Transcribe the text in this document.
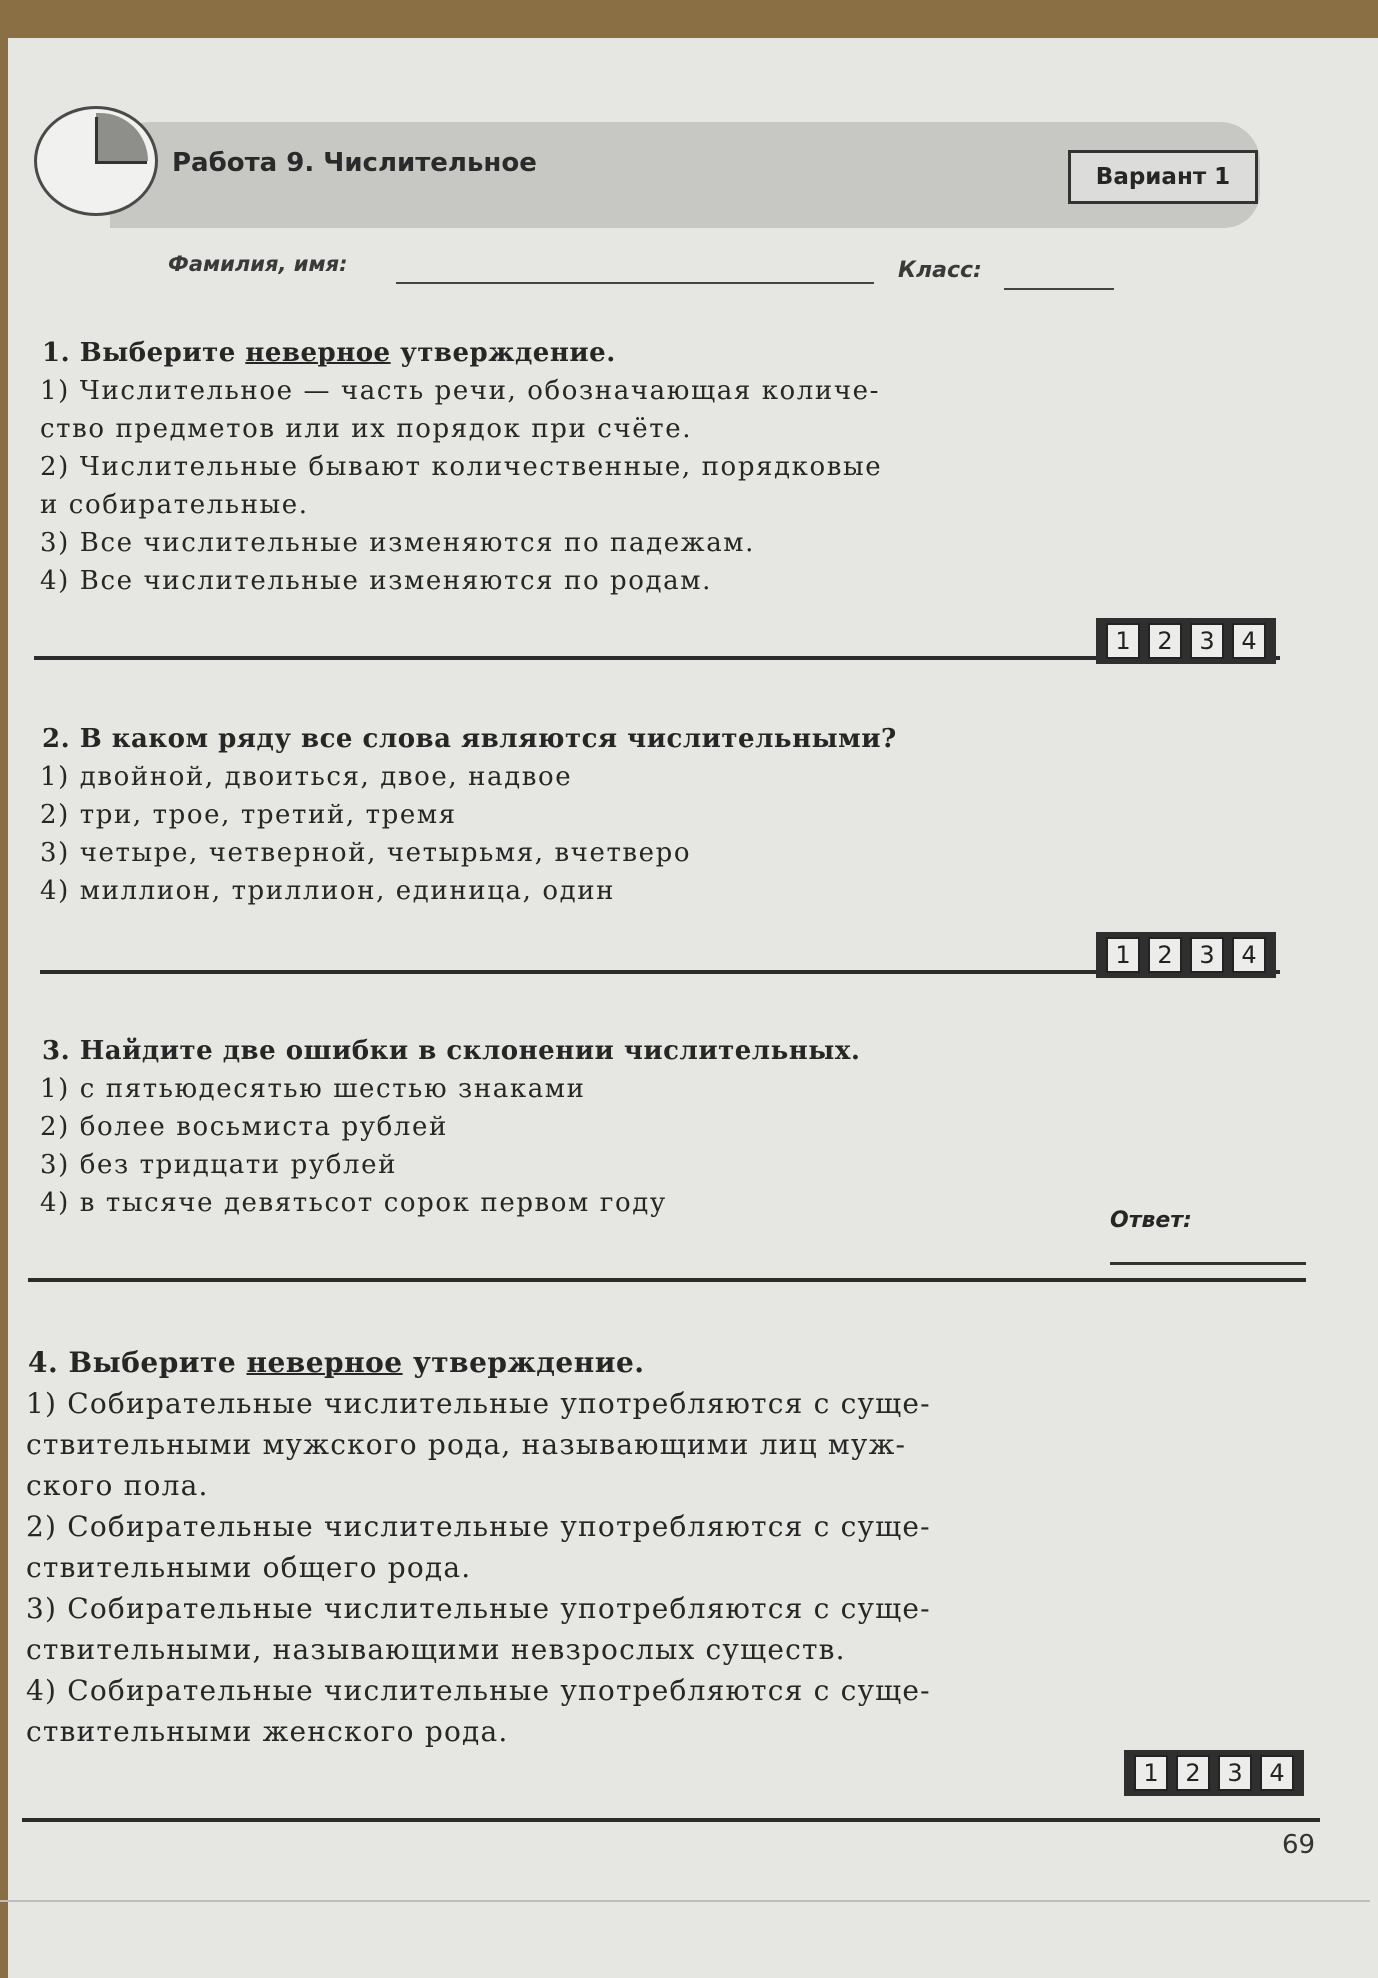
Работа 9. Числительное	Вариант 1
Фамилия, имя:	Класс:
1. Выберите неверное утверждение.
1) Числительное — часть речи, обозначающая количе-
ство предметов или их порядок при счёте.
2) Числительные бывают количественные, порядковые
и собирательные.
3) Все числительные изменяются по падежам.
4) Все числительные изменяются по родам.
1	2	3	4
2. В каком ряду все слова являются числительными?
1) двойной, двоиться, двое, надвое
2) три, трое, третий, тремя
3) четыре, четверной, четырьмя, вчетверо
4) миллион, триллион, единица, один
1	2	3	4
3. Найдите две ошибки в склонении числительных.
1) с пятьюдесятью шестью знаками
2) более восьмиста рублей
3) без тридцати рублей
4) в тысяче девятьсот сорок первом году
Ответ:
4. Выберите неверное утверждение.
1) Собирательные числительные употребляются с суще-
ствительными мужского рода, называющими лиц муж-
ского пола.
2) Собирательные числительные употребляются с суще-
ствительными общего рода.
3) Собирательные числительные употребляются с суще-
ствительными, называющими невзрослых существ.
4) Собирательные числительные употребляются с суще-
ствительными женского рода.
1	2	3	4
69
